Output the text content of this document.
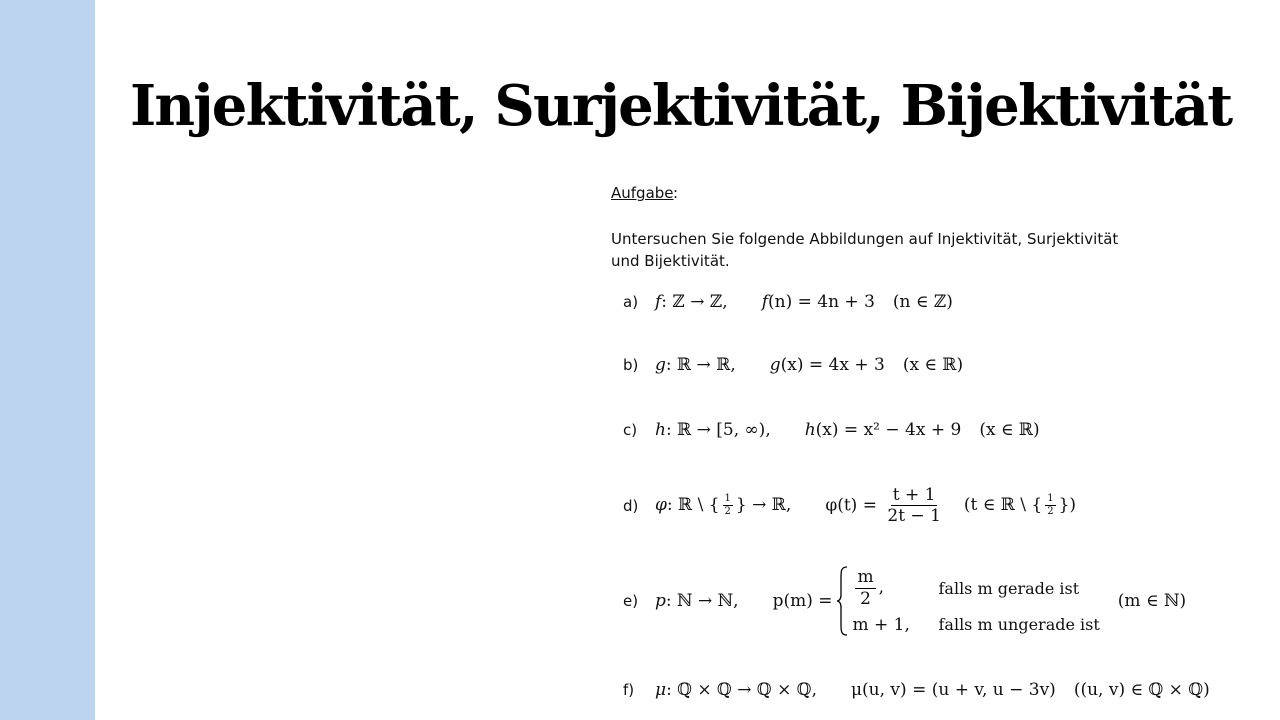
Injektivität, Surjektivität, Bijektivität
Aufgabe :
Untersuchen Sie folgende Abbildungen auf Injektivität, Surjektivität und Bijektivität.
a) f: ℤ → ℤ, f(n) = 4n + 3 (n ∈ ℤ)
b) g: ℝ → ℝ, g(x) = 4x + 3 (x ∈ ℝ)
c)	h: ℝ → [5, ∞), h(x) = x² − 4x + 9 (x ∈ ℝ)
d) φ: ℝ \ { $\frac{1}{2}$ } → ℝ, $\varphi(t) = \frac{t + 1}{2t - 1} (t$ ∈ ℝ \ { $\frac{1}{2}$ })
e) p: ℕ → ℕ, $p(m) = \frac{m}{2}$ ,	falls m gerade ist
m + 1,	falls m ungerade ist
(m ∈ ℕ)
f)	μ: ℚ × ℚ → ℚ × ℚ, μ(u, v) = (u + v, u − 3v) ((u, v) ∈ ℚ × ℚ)
